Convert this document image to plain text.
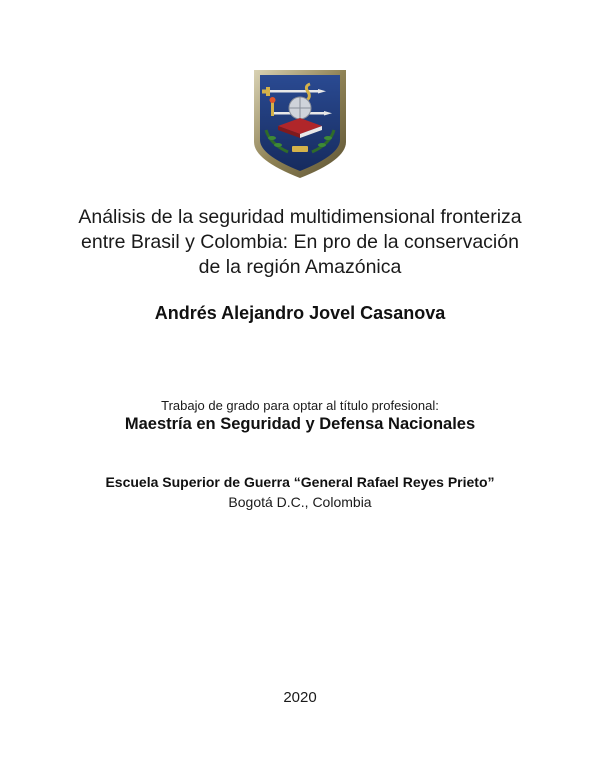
Análisis de la seguridad multidimensional fronteriza
entre Brasil y Colombia: En pro de la conservación
de la región Amazónica
Andrés Alejandro Jovel Casanova
Trabajo de grado para optar al título profesional:
Maestría en Seguridad y Defensa Nacionales
Escuela Superior de Guerra “General Rafael Reyes Prieto”
Bogotá D.C., Colombia
2020
